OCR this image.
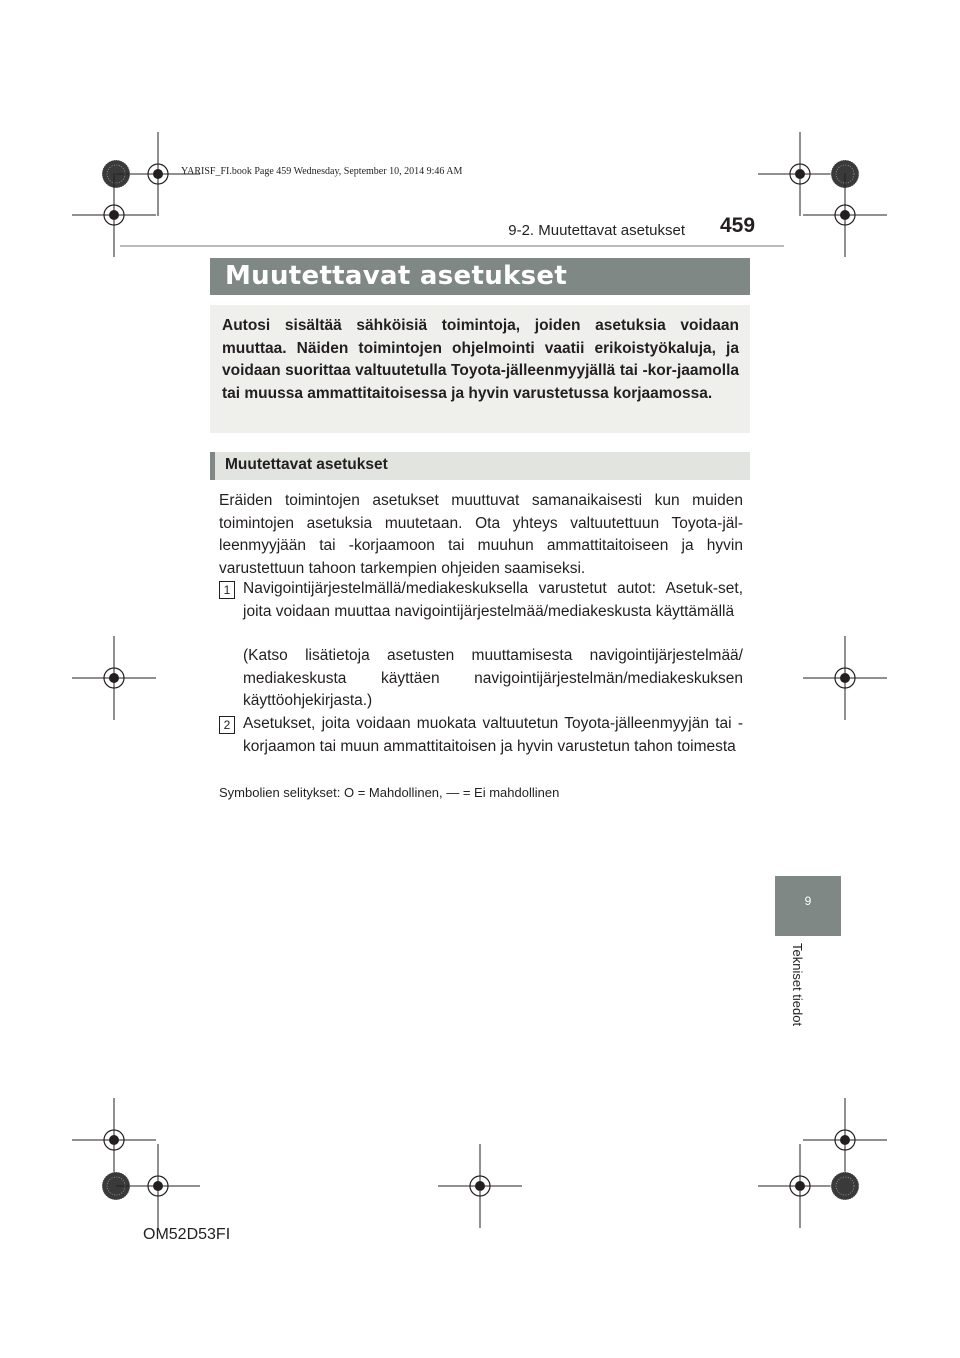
YARISF_FI.book Page 459 Wednesday, September 10, 2014 9:46 AM
9-2. Muutettavat asetukset 459
Muutettavat asetukset

Autosi sisältää sähköisiä toimintoja, joiden asetuksia voidaan muuttaa. Näiden toimintojen ohjelmointi vaatii erikoistyökaluja, ja voidaan suorittaa valtuutetulla Toyota-jälleenmyyjällä tai -kor-jaamolla tai muussa ammattitaitoisessa ja hyvin varustetussa korjaamossa.

Muutettavat asetukset

Eräiden toimintojen asetukset muuttuvat samanaikaisesti kun muiden toimintojen asetuksia muutetaan. Ota yhteys valtuutettuun Toyota-jäl-leenmyyjään tai -korjaamoon tai muuhun ammattitaitoiseen ja hyvin varustettuun tahoon tarkempien ohjeiden saamiseksi.

1 Navigointijärjestelmällä/mediakeskuksella varustetut autot: Asetuk-set, joita voidaan muuttaa navigointijärjestelmää/mediakeskusta käyttämällä
(Katso lisätietoja asetusten muuttamisesta navigointijärjestelmää/ mediakeskusta käyttäen navigointijärjestelmän/mediakeskuksen käyttöohjekirjasta.)
2 Asetukset, joita voidaan muokata valtuutetun Toyota-jälleenmyyjän tai -korjaamon tai muun ammattitaitoisen ja hyvin varustetun tahon toimesta
Symbolien selitykset: O = Mahdollinen, — = Ei mahdollinen
9
Tekniset tiedot
OM52D53FI
